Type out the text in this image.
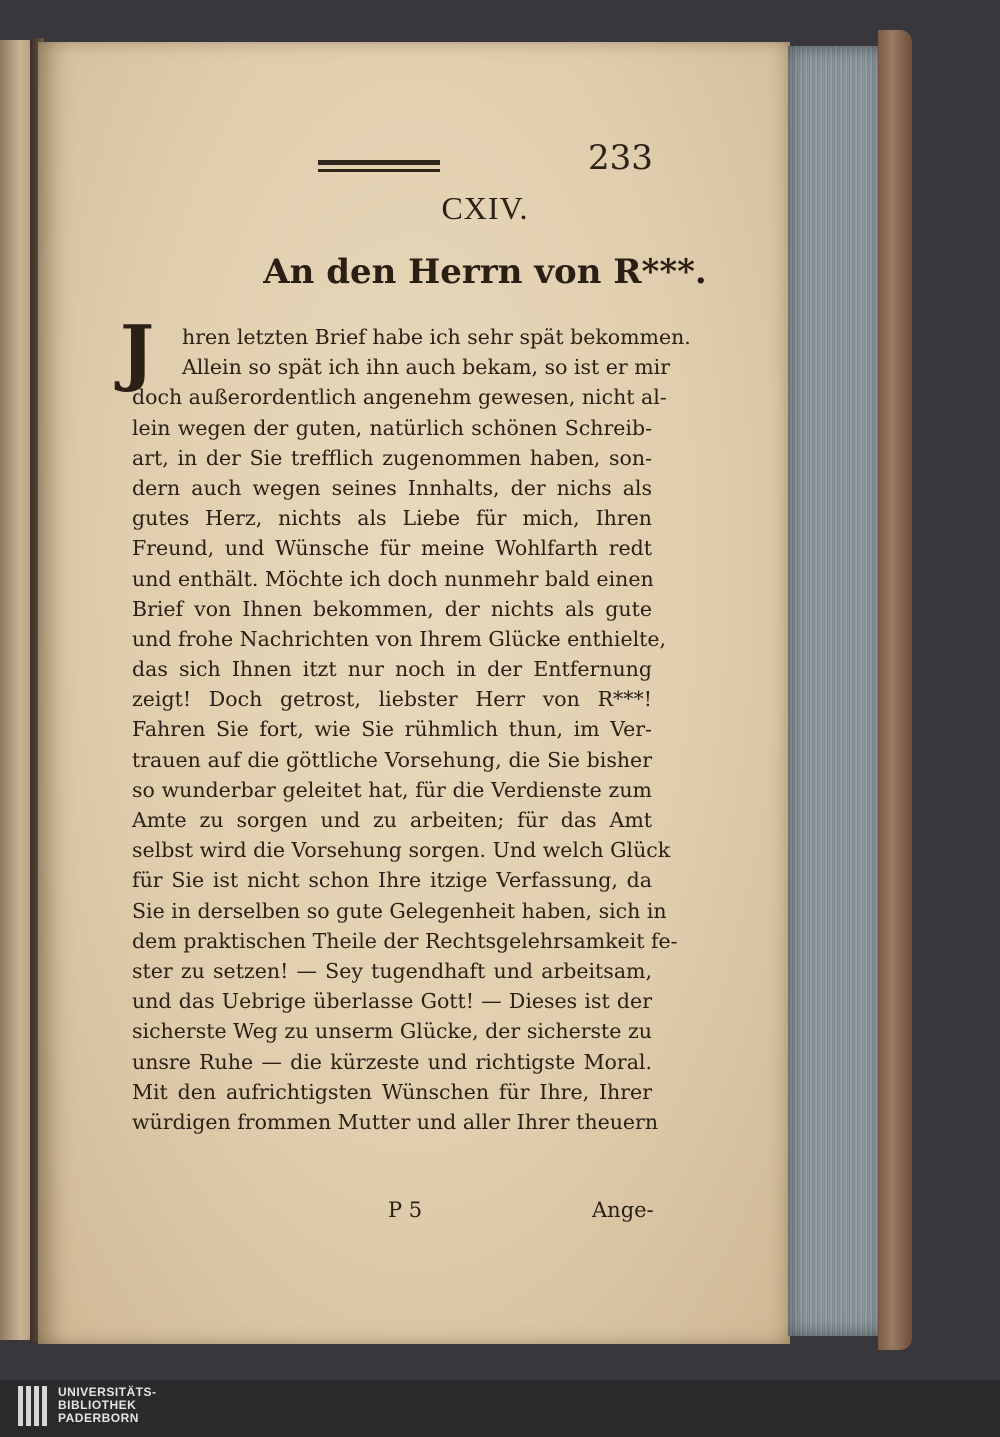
233
CXIV.
An den Herrn von R***.
J	hren letzten Brief habe ich sehr spät bekommen.
Allein so spät ich ihn auch bekam, so ist er mir
doch außerordentlich angenehm gewesen, nicht al-
lein wegen der guten, natürlich schönen Schreib-
art, in der Sie trefflich zugenommen haben, son-
dern auch wegen seines Innhalts, der nichs als
gutes Herz, nichts als Liebe für mich, Ihren
Freund, und Wünsche für meine Wohlfarth redt
und enthält. Möchte ich doch nunmehr bald einen
Brief von Ihnen bekommen, der nichts als gute
und frohe Nachrichten von Ihrem Glücke enthielte,
das sich Ihnen itzt nur noch in der Entfernung
zeigt! Doch getrost, liebster Herr von R***!
Fahren Sie fort, wie Sie rühmlich thun, im Ver-
trauen auf die göttliche Vorsehung, die Sie bisher
so wunderbar geleitet hat, für die Verdienste zum
Amte zu sorgen und zu arbeiten; für das Amt
selbst wird die Vorsehung sorgen. Und welch Glück
für Sie ist nicht schon Ihre itzige Verfassung, da
Sie in derselben so gute Gelegenheit haben, sich in
dem praktischen Theile der Rechtsgelehrsamkeit fe-
ster zu setzen! — Sey tugendhaft und arbeitsam,
und das Uebrige überlasse Gott! — Dieses ist der
sicherste Weg zu unserm Glücke, der sicherste zu
unsre Ruhe — die kürzeste und richtigste Moral.
Mit den aufrichtigsten Wünschen für Ihre, Ihrer
würdigen frommen Mutter und aller Ihrer theuern
P 5	Ange-
UNIVERSITÄTS-
BIBLIOTHEK
PADERBORN
